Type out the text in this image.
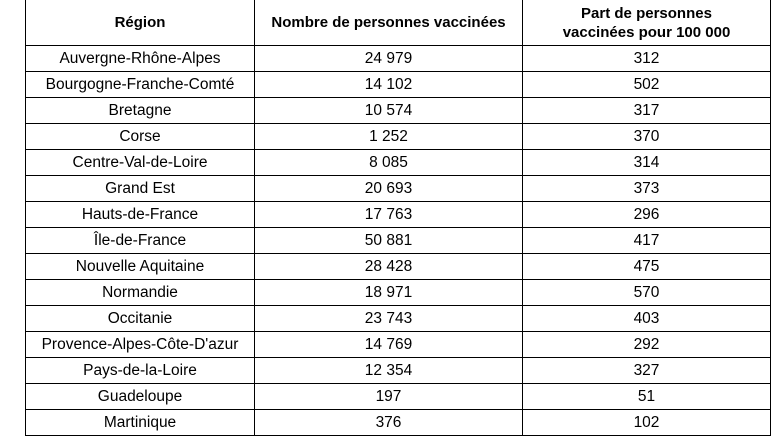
Région	Nombre de personnes vaccinées	Part de personnes
vaccinées pour 100 000

Auvergne-Rhône-Alpes	24 979	312
Bourgogne-Franche-Comté	14 102	502
Bretagne	10 574	317
Corse	1 252	370
Centre-Val-de-Loire	8 085	314
Grand Est	20 693	373
Hauts-de-France	17 763	296
Île-de-France	50 881	417
Nouvelle Aquitaine	28 428	475
Normandie	18 971	570
Occitanie	23 743	403
Provence-Alpes-Côte-D'azur	14 769	292
Pays-de-la-Loire	12 354	327
Guadeloupe	197	51
Martinique	376	102
